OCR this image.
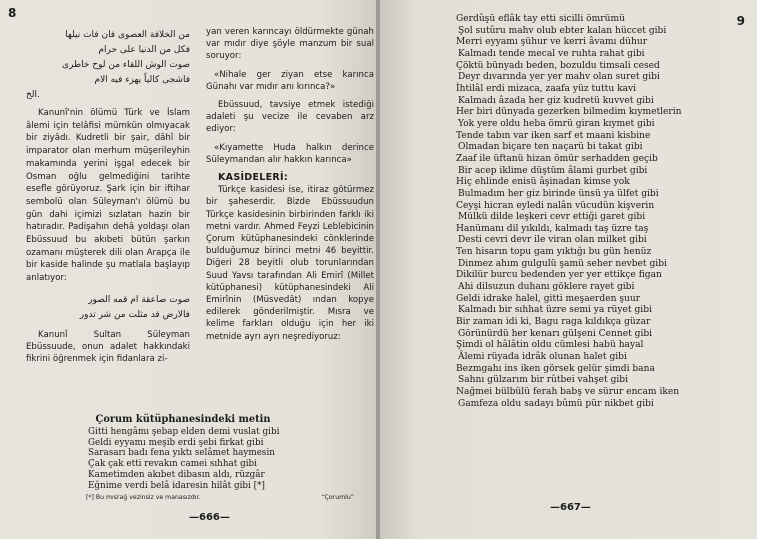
8
من الخلافة العصوى فان فات نيلها
فكل من الدنيا على حرام
صوت الوش اللقاء من لوح خاطرى
فاشجى كالياً يهزء فيه الام
الخ.

Kanunî'nin ölümü Türk ve İslam âlemi için telâfisi mümkün olmıyacak bir ziyâdı. Kudretli bir şair, dâhî bir imparator olan merhum müşerileyhin makamında yerini işgal edecek bir Osman oğlu gelmediğini tarihte esefle görüyoruz. Şark için bir iftihar sembolü olan Süleyman'ı ölümü bu gün dahi içimizi sızlatan hazin bir hatıradır. Padişahın dehâ yoldaşı olan Ebüssuud bu akıbeti bütün şarkın ozamanı müşterek dili olan Arapça ile bir kaside halinde şu matlala başlayıp anlatıyor:

صوت صاعقة ام قمه الصور
فالارض قد مثلت من شر تدور

Kanunî Sultan Süleyman Ebüssuude, onun adalet hakkındaki fikrini öğrenmek için fidanlara zi-

yan veren karıncayı öldürmekte günah var mıdır diye şöyle manzum bir sual soruyor:

«Nihale ger ziyan etse karınca Günahı var mıdır anı kırınca?»

Ebüssuud, tavsiye etmek istediği adaleti şu vecize ile cevaben arz ediyor:

«Kıyamette Huda halkın derince Süleymandan alır hakkın karınca»

KASİDELERİ:

Türkçe kasidesi ise, itiraz götürmez bir şaheserdir. Bizde Ebüssuudun Türkçe kasidesinin birbirinden farklı iki metni vardır. Ahmed Feyzi Leblebicinin Çorum kütüphanesindeki cönklerinde bulduğumuz birinci metni 46 beyittir. Diğeri 28 beyitli olub torunlarından Suud Yavsı tarafından Ali Emirî (Millet kütüphanesi) kütüphanesindeki Ali Emirînin (Müsvedât) ından kopye edilerek gönderilmiştir. Mısra ve kelime farkları olduğu için her iki metnide ayrı ayrı neşrediyoruz:

Çorum kütüphanesindeki metin
Gitti hengâmı şebap elden demi vuslat gibi
Geldi eyyamı meşib erdi şebi firkat gibi
Sarasarı badı fena yıktı selâmet haymesin
Çak çak etti revakın camei sıhhat gibi
Kametimden akıbet dibasın aldı, rüzgâr
Eğnime verdi belâ idaresin hilât gibi [*]
[*] Bu mısrağ vezinsiz ve manasızdır.	“Çorumlu”
—666—
9
Gerdûşü eflâk tay etti sicilli ömrümü
Şol sutûru mahv olub ebter kalan hüccet gibi
Merri eyyamı şühur ve kerri âvamı dühur
Kalmadı tende mecal ve ruhta rahat gibi
Çöktü bünyadı beden, bozuldu timsali cesed
Deyr dıvarında yer yer mahv olan suret gibi
İhtilâl erdi mizaca, zaafa yüz tuttu kavi
Kalmadı âzada her giz kudretü kuvvet gibi
Her biri dünyada gezerken bilmedim kıymetlerin
Yok yere oldu heba ömrü giran kıymet gibi
Tende tabın var iken sarf et maani kisbine
Olmadan biçare ten naçarü bi takat gibi
Zaaf ile üftanü hizan ömür serhadden geçib
Bir acep iklime düştüm âlami gurbet gibi
Hiç ehlinde enisü âşinadan kimse yok
Bulmadım her giz birinde ünsü ya ülfet gibi
Ceyşi hicran eyledi nalân vücudün kişverin
Mülkü dilde leşkeri cevr ettiği garet gibi
Hanümanı dil yıkıldı, kalmadı taş üzre taş
Desti cevri devr ile viran olan milket gibi
Ten hisarın topu gam yıktığı bu gün henüz
Dinmez ahım gulgulü şamü seher nevbet gibi
Dikilür burcu bedenden yer yer ettikçe figan
Ahi dilsuzun duhanı göklere rayet gibi
Geldi idrake halel, gitti meşaerden şuur
Kalmadı bir sıhhat üzre semi ya rüyet gibi
Bir zaman idi ki, Bagu raga kıldıkça güzar
Görünürdü her kenarı gülşeni Cennet gibi
Şimdi ol hâlâtin oldu cümlesi habü hayal
Âlemi rüyada idrâk olunan halet gibi
Bezmgahı ins iken görsek gelür şimdi bana
Sahnı gülzarım bir rûtbei vahşet gibi
Nağmei bülbülü ferah babş ve sürur encam iken
Gamfeza oldu sadayı bûmü pür nikbet gibi
—667—
